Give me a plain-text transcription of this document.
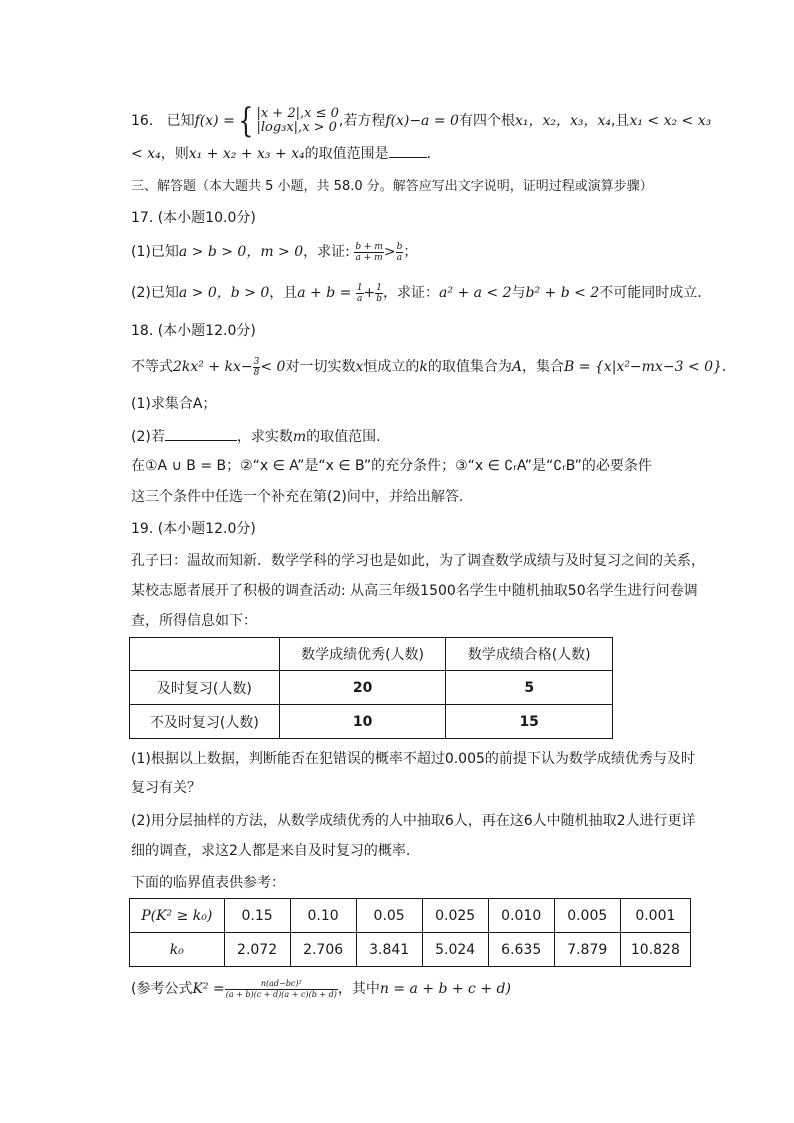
16. 已知f(x) ={ |x + 2|,x ≤ 0
|log₃x|,x > 0 ,若方程f(x)−a = 0有四个根x₁，x₂，x₃，x₄,且x₁ < x₂ < x₃
< x₄，则x₁ + x₂ + x₃ + x₄的取值范围是	.
三、解答题（本大题共 5 小题，共 58.0 分。解答应写出文字说明，证明过程或演算步骤）
17. (本小题10.0分)
(1)已知a > b > 0，m > 0，求证: $\frac{b + m}{a + m} > \frac{b}{a}$ ；
(2)已知a > 0，b > 0，且$a + b = \frac{1}{a} + \frac{1}{b}$ ，求证：a² + a < 2与b² + b < 2不可能同时成立.
18. (本小题12.0分)
不等式$2kx^2 + kx- \frac{3}{8} < 0$对一切实数x恒成立的k的取值集合为A，集合B = {x|x²−mx−3 < 0}.
(1)求集合A；
(2)若	，求实数m的取值范围.
在①A ∪ B = B；②“x ∈ A”是“x ∈ B”的充分条件；③“x ∈ ∁ᵣA”是“∁ᵣB”的必要条件
这三个条件中任选一个补充在第(2)问中，并给出解答.
19. (本小题12.0分)
孔子曰：温故而知新．数学学科的学习也是如此，为了调查数学成绩与及时复习之间的关系，
某校志愿者展开了积极的调查活动: 从高三年级1500名学生中随机抽取50名学生进行问卷调
查，所得信息如下：
	数学成绩优秀(人数)	数学成绩合格(人数)
及时复习(人数)	20	5
不及时复习(人数)	10	15
(1)根据以上数据，判断能否在犯错误的概率不超过0.005的前提下认为数学成绩优秀与及时
复习有关？
(2)用分层抽样的方法，从数学成绩优秀的人中抽取6人，再在这6人中随机抽取2人进行更详
细的调查，求这2人都是来自及时复习的概率.
下面的临界值表供参考：
P(K² ≥ k₀)	0.15	0.10	0.05	0.025	0.010	0.005	0.001
k₀	2.072	2.706	3.841	5.024	6.635	7.879	10.828
(参考公式$K^2 = \frac{\text{n(ad−bc)²}}{(a + b)(c + d)(a + c)(b + d)}$ ，其中n = a + b + c + d)
